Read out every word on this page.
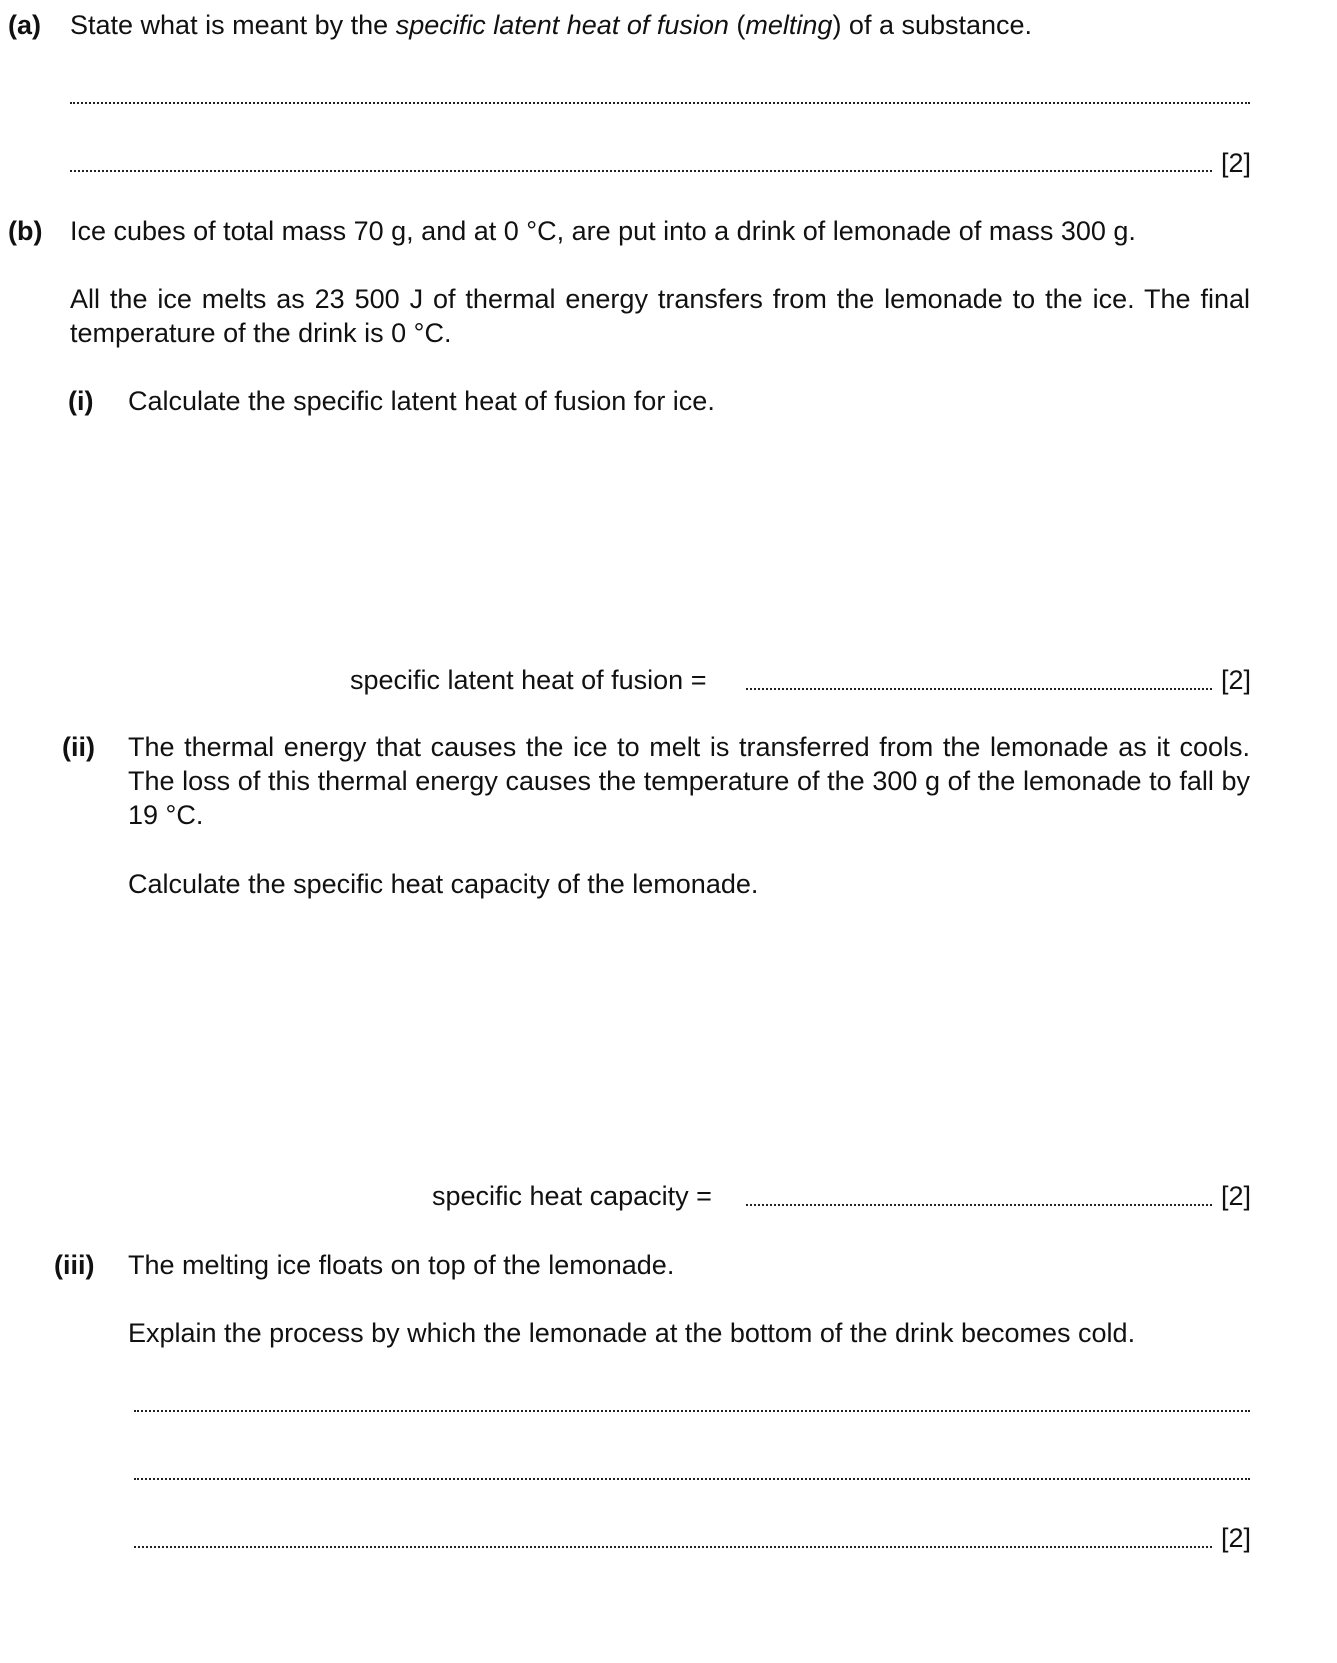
(a) State what is meant by the specific latent heat of fusion (melting) of a substance.
[2]
(b) Ice cubes of total mass 70 g, and at 0 °C, are put into a drink of lemonade of mass 300 g.
All the ice melts as 23 500 J of thermal energy transfers from the lemonade to the ice. The final temperature of the drink is 0 °C.
(i) Calculate the specific latent heat of fusion for ice.
specific latent heat of fusion =	[2]
(ii) The thermal energy that causes the ice to melt is transferred from the lemonade as it cools. The loss of this thermal energy causes the temperature of the 300 g of the lemonade to fall by 19 °C.
Calculate the specific heat capacity of the lemonade.
specific heat capacity =	[2]
(iii) The melting ice floats on top of the lemonade.
Explain the process by which the lemonade at the bottom of the drink becomes cold.
[2]
